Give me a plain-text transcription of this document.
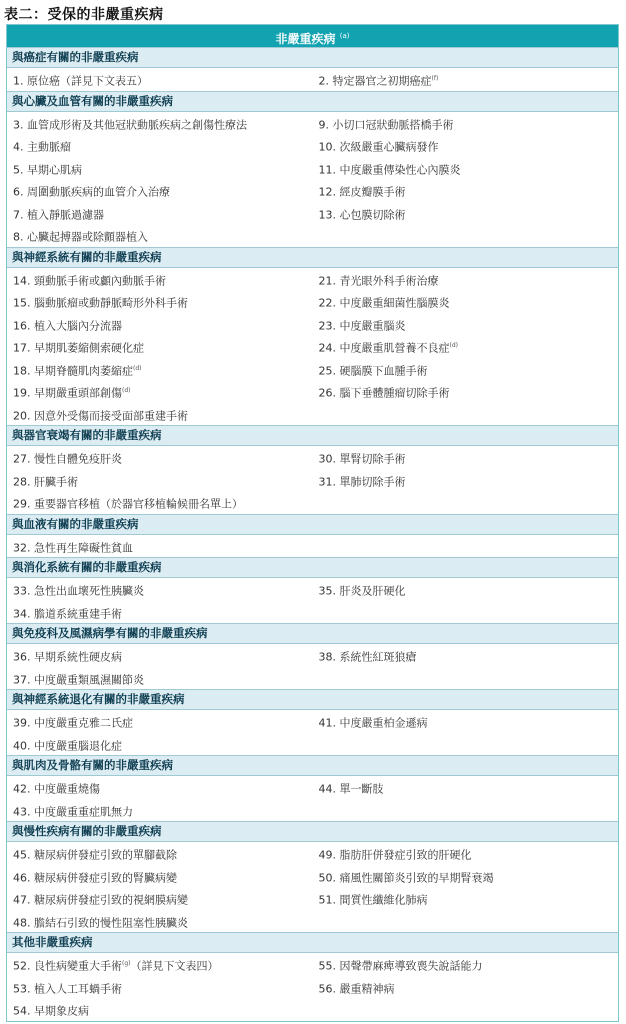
表二：受保的非嚴重疾病
非嚴重疾病 $^{(a)}$
與癌症有關的非嚴重疾病
1. 原位癌（詳見下文表五）	2. 特定器官之初期癌症$^{(f)}$
與心臟及血管有關的非嚴重疾病
3. 血管成形術及其他冠狀動脈疾病之創傷性療法	9. 小切口冠狀動脈搭橋手術
4. 主動脈瘤	10. 次級嚴重心臟病發作
5. 早期心肌病	11. 中度嚴重傳染性心內膜炎
6. 周圍動脈疾病的血管介入治療	12. 經皮瓣膜手術
7. 植入靜脈過濾器	13. 心包膜切除術
8. 心臟起搏器或除顫器植入
與神經系統有關的非嚴重疾病
14. 頸動脈手術或顱內動脈手術	21. 青光眼外科手術治療
15. 腦動脈瘤或動靜脈畸形外科手術	22. 中度嚴重細菌性腦膜炎
16. 植入大腦內分流器	23. 中度嚴重腦炎
17. 早期肌萎縮側索硬化症	24. 中度嚴重肌營養不良症$^{(d)}$
18. 早期脊髓肌肉萎縮症$^{(d)}$	25. 硬腦膜下血腫手術
19. 早期嚴重頭部創傷$^{(d)}$	26. 腦下垂體腫瘤切除手術
20. 因意外受傷而接受面部重建手術
與器官衰竭有關的非嚴重疾病
27. 慢性自體免疫肝炎	30. 單腎切除手術
28. 肝臟手術	31. 單肺切除手術
29. 重要器官移植（於器官移植輪候冊名單上）
與血液有關的非嚴重疾病
32. 急性再生障礙性貧血
與消化系統有關的非嚴重疾病
33. 急性出血壞死性胰臟炎	35. 肝炎及肝硬化
34. 膽道系統重建手術
與免疫科及風濕病學有關的非嚴重疾病
36. 早期系統性硬皮病	38. 系統性紅斑狼瘡
37. 中度嚴重類風濕關節炎
與神經系統退化有關的非嚴重疾病
39. 中度嚴重克雅二氏症	41. 中度嚴重柏金遜病
40. 中度嚴重腦退化症
與肌肉及骨骼有關的非嚴重疾病
42. 中度嚴重燒傷	44. 單一斷肢
43. 中度嚴重重症肌無力
與慢性疾病有關的非嚴重疾病
45. 糖尿病併發症引致的單腳截除	49. 脂肪肝併發症引致的肝硬化
46. 糖尿病併發症引致的腎臟病變	50. 痛風性關節炎引致的早期腎衰竭
47. 糖尿病併發症引致的視網膜病變	51. 間質性纖維化肺病
48. 膽結石引致的慢性阻塞性胰臟炎
其他非嚴重疾病
52. 良性病變重大手術$^{(g)}$（詳見下文表四）	55. 因聲帶麻痺導致喪失說話能力
53. 植入人工耳蝸手術	56. 嚴重精神病
54. 早期象皮病
